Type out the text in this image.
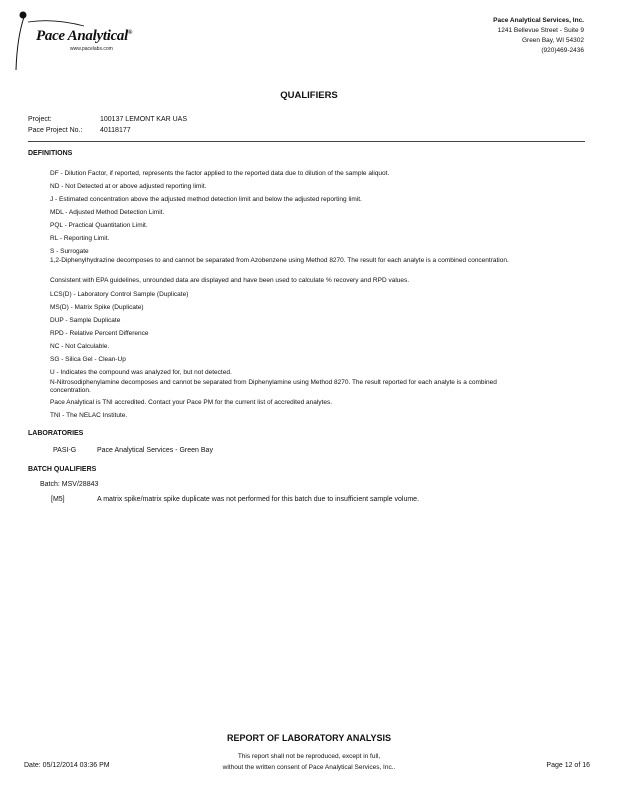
Pace Analytical®
www.pacelabs.com
Pace Analytical Services, Inc.
1241 Bellevue Street - Suite 9
Green Bay, WI 54302
(920)469-2436
QUALIFIERS
Project:	100137 LEMONT KAR UAS
Pace Project No.:	40118177
DEFINITIONS
DF - Dilution Factor, if reported, represents the factor applied to the reported data due to dilution of the sample aliquot.
ND - Not Detected at or above adjusted reporting limit.
J - Estimated concentration above the adjusted method detection limit and below the adjusted reporting limit.
MDL - Adjusted Method Detection Limit.
PQL - Practical Quantitation Limit.
RL - Reporting Limit.
S - Surrogate
1,2-Diphenylhydrazine decomposes to and cannot be separated from Azobenzene using Method 8270. The result for each analyte is a combined concentration.
Consistent with EPA guidelines, unrounded data are displayed and have been used to calculate % recovery and RPD values.
LCS(D) - Laboratory Control Sample (Duplicate)
MS(D) - Matrix Spike (Duplicate)
DUP - Sample Duplicate
RPD - Relative Percent Difference
NC - Not Calculable.
SG - Silica Gel - Clean-Up
U - Indicates the compound was analyzed for, but not detected.
N-Nitrosodiphenylamine decomposes and cannot be separated from Diphenylamine using Method 8270. The result reported for each analyte is a combined concentration.
Pace Analytical is TNI accredited. Contact your Pace PM for the current list of accredited analytes.
TNI - The NELAC Institute.
LABORATORIES
PASI-G	Pace Analytical Services - Green Bay
BATCH QUALIFIERS
Batch: MSV/28843
[M5]	A matrix spike/matrix spike duplicate was not performed for this batch due to insufficient sample volume.
REPORT OF LABORATORY ANALYSIS
This report shall not be reproduced, except in full,
without the written consent of Pace Analytical Services, Inc..
Date: 05/12/2014 03:36 PM	Page 12 of 16
